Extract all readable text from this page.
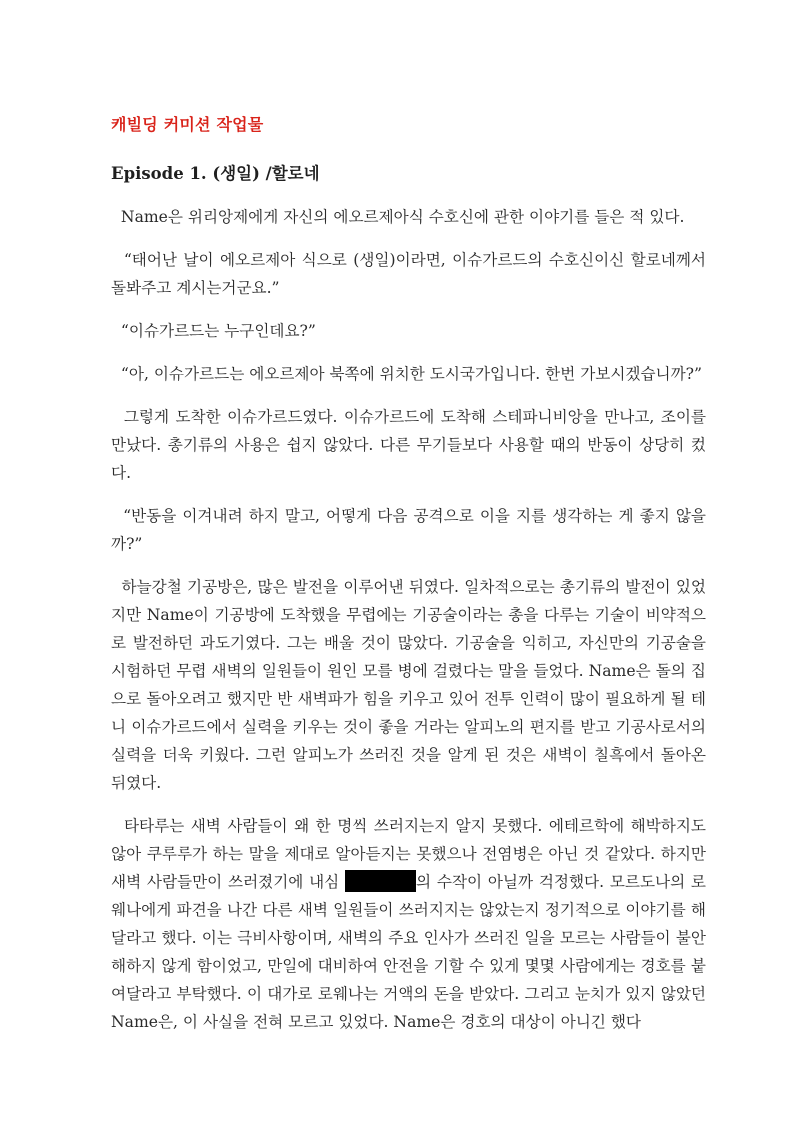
캐빌딩 커미션 작업물
Episode 1. (생일) /할로네

Name은 위리앙제에게 자신의 에오르제아식 수호신에 관한 이야기를 들은 적 있다.

“태어난 날이 에오르제아 식으로 (생일)이라면, 이슈가르드의 수호신이신 할로네께서 돌봐주고 계시는거군요.”

“이슈가르드는 누구인데요?”

“아, 이슈가르드는 에오르제아 북쪽에 위치한 도시국가입니다. 한번 가보시겠습니까?”

그렇게 도착한 이슈가르드였다. 이슈가르드에 도착해 스테파니비앙을 만나고, 조이를 만났다. 총기류의 사용은 쉽지 않았다. 다른 무기들보다 사용할 때의 반동이 상당히 컸다.

“반동을 이겨내려 하지 말고, 어떻게 다음 공격으로 이을 지를 생각하는 게 좋지 않을까?”

하늘강철 기공방은, 많은 발전을 이루어낸 뒤였다. 일차적으로는 총기류의 발전이 있었지만 Name이 기공방에 도착했을 무렵에는 기공술이라는 총을 다루는 기술이 비약적으로 발전하던 과도기였다. 그는 배울 것이 많았다. 기공술을 익히고, 자신만의 기공술을 시험하던 무렵 새벽의 일원들이 원인 모를 병에 걸렸다는 말을 들었다. Name은 돌의 집으로 돌아오려고 했지만 반 새벽파가 힘을 키우고 있어 전투 인력이 많이 필요하게 될 테니 이슈가르드에서 실력을 키우는 것이 좋을 거라는 알피노의 편지를 받고 기공사로서의 실력을 더욱 키웠다. 그런 알피노가 쓰러진 것을 알게 된 것은 새벽이 칠흑에서 돌아온 뒤였다.

타타루는 새벽 사람들이 왜 한 명씩 쓰러지는지 알지 못했다. 에테르학에 해박하지도 않아 쿠루루가 하는 말을 제대로 알아듣지는 못했으나 전염병은 아닌 것 같았다. 하지만 새벽 사람들만이 쓰러졌기에 내심	의 수작이 아닐까 걱정했다. 모르도나의 로웨나에게 파견을 나간 다른 새벽 일원들이 쓰러지지는 않았는지 정기적으로 이야기를 해달라고 했다. 이는 극비사항이며, 새벽의 주요 인사가 쓰러진 일을 모르는 사람들이 불안해하지 않게 함이었고, 만일에 대비하여 안전을 기할 수 있게 몇몇 사람에게는 경호를 붙여달라고 부탁했다. 이 대가로 로웨나는 거액의 돈을 받았다. 그리고 눈치가 있지 않았던 Name은, 이 사실을 전혀 모르고 있었다. Name은 경호의 대상이 아니긴 했다
